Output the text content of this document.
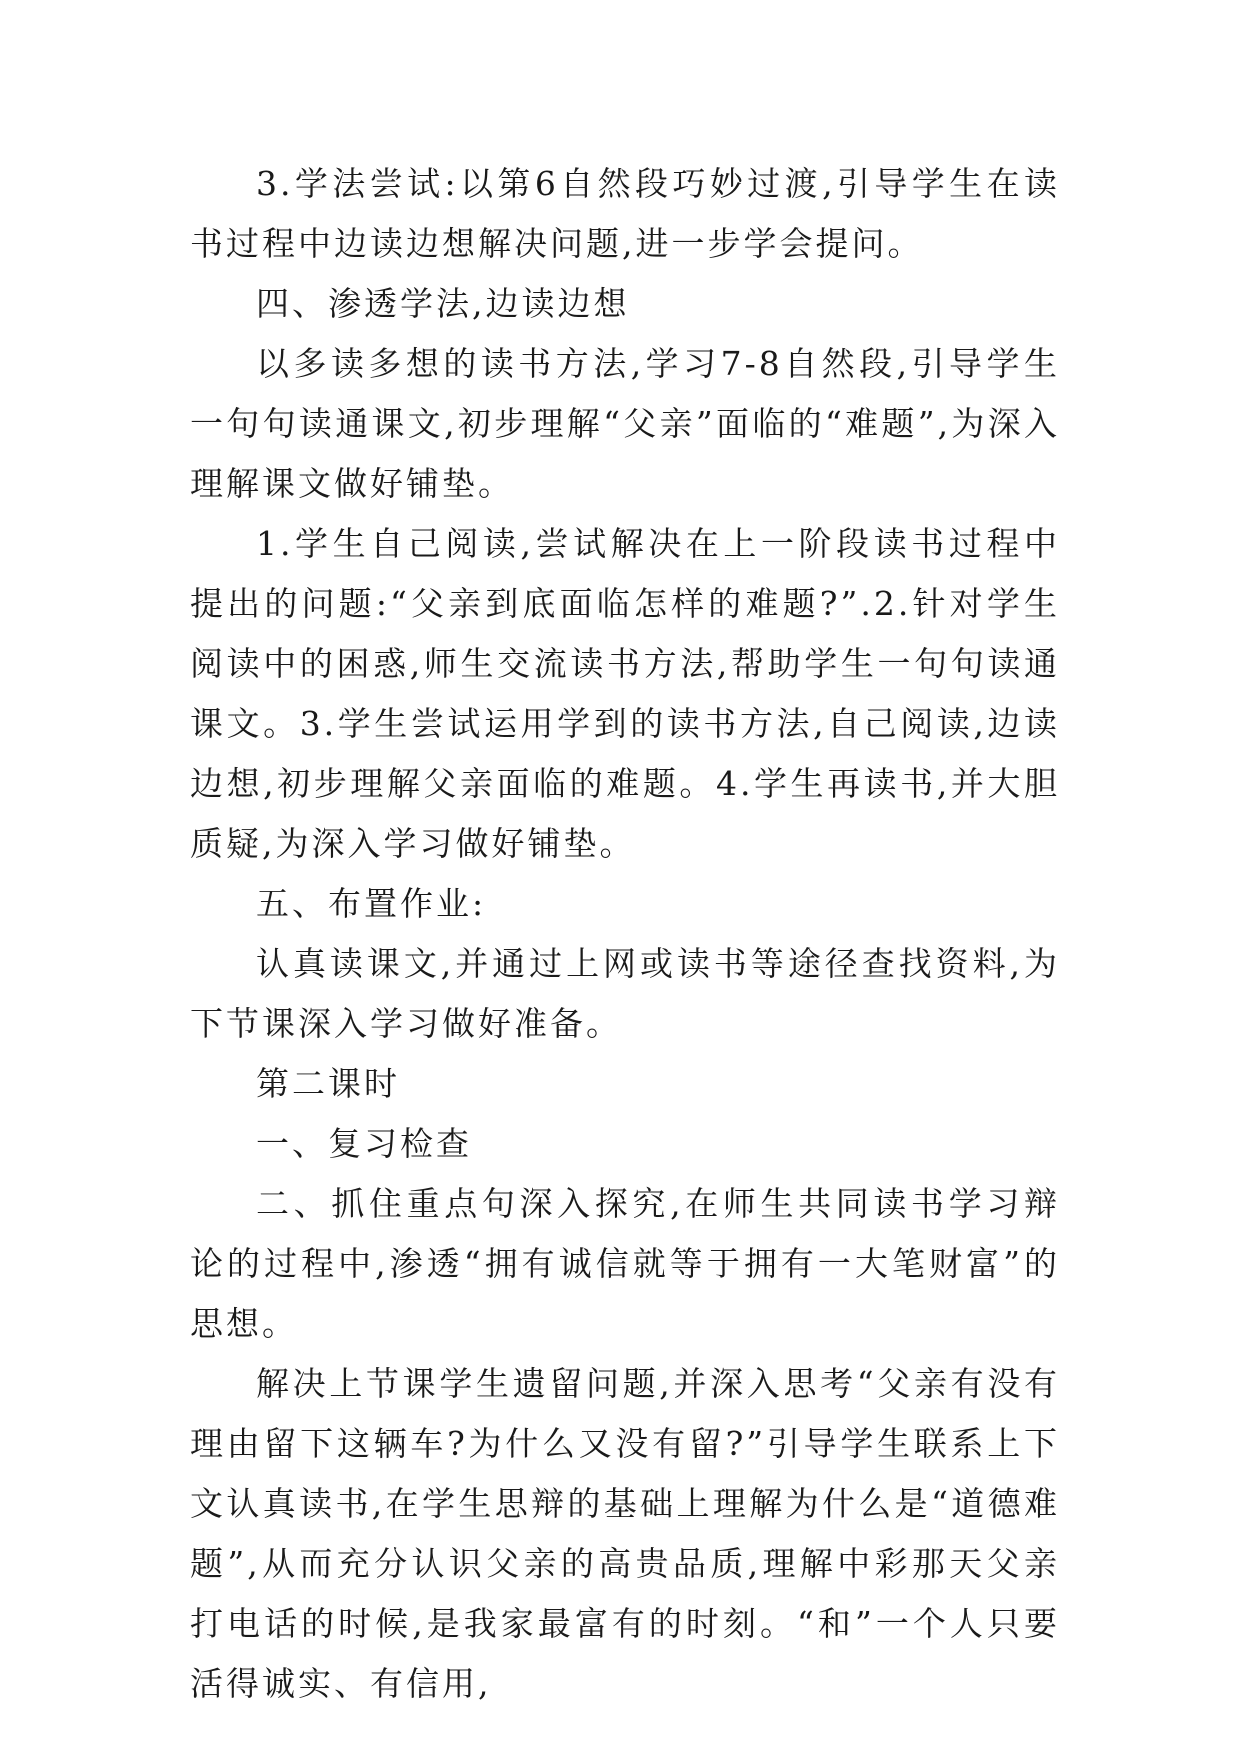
3.学法尝试:以第6自然段巧妙过渡,引导学生在读书过程中边读边想解决问题,进一步学会提问。

四、渗透学法,边读边想

以多读多想的读书方法,学习7-8自然段,引导学生一句句读通课文,初步理解“父亲”面临的“难题”,为深入理解课文做好铺垫。

1.学生自己阅读,尝试解决在上一阶段读书过程中提出的问题:“父亲到底面临怎样的难题?”.2.针对学生阅读中的困惑,师生交流读书方法,帮助学生一句句读通课文。3.学生尝试运用学到的读书方法,自己阅读,边读边想,初步理解父亲面临的难题。4.学生再读书,并大胆质疑,为深入学习做好铺垫。

五、布置作业:

认真读课文,并通过上网或读书等途径查找资料,为下节课深入学习做好准备。

第二课时

一、复习检查

二、抓住重点句深入探究,在师生共同读书学习辩论的过程中,渗透“拥有诚信就等于拥有一大笔财富”的思想。

解决上节课学生遗留问题,并深入思考“父亲有没有理由留下这辆车?为什么又没有留?”引导学生联系上下文认真读书,在学生思辩的基础上理解为什么是“道德难题”,从而充分认识父亲的高贵品质,理解中彩那天父亲打电话的时候,是我家最富有的时刻。“和”一个人只要活得诚实、有信用,
